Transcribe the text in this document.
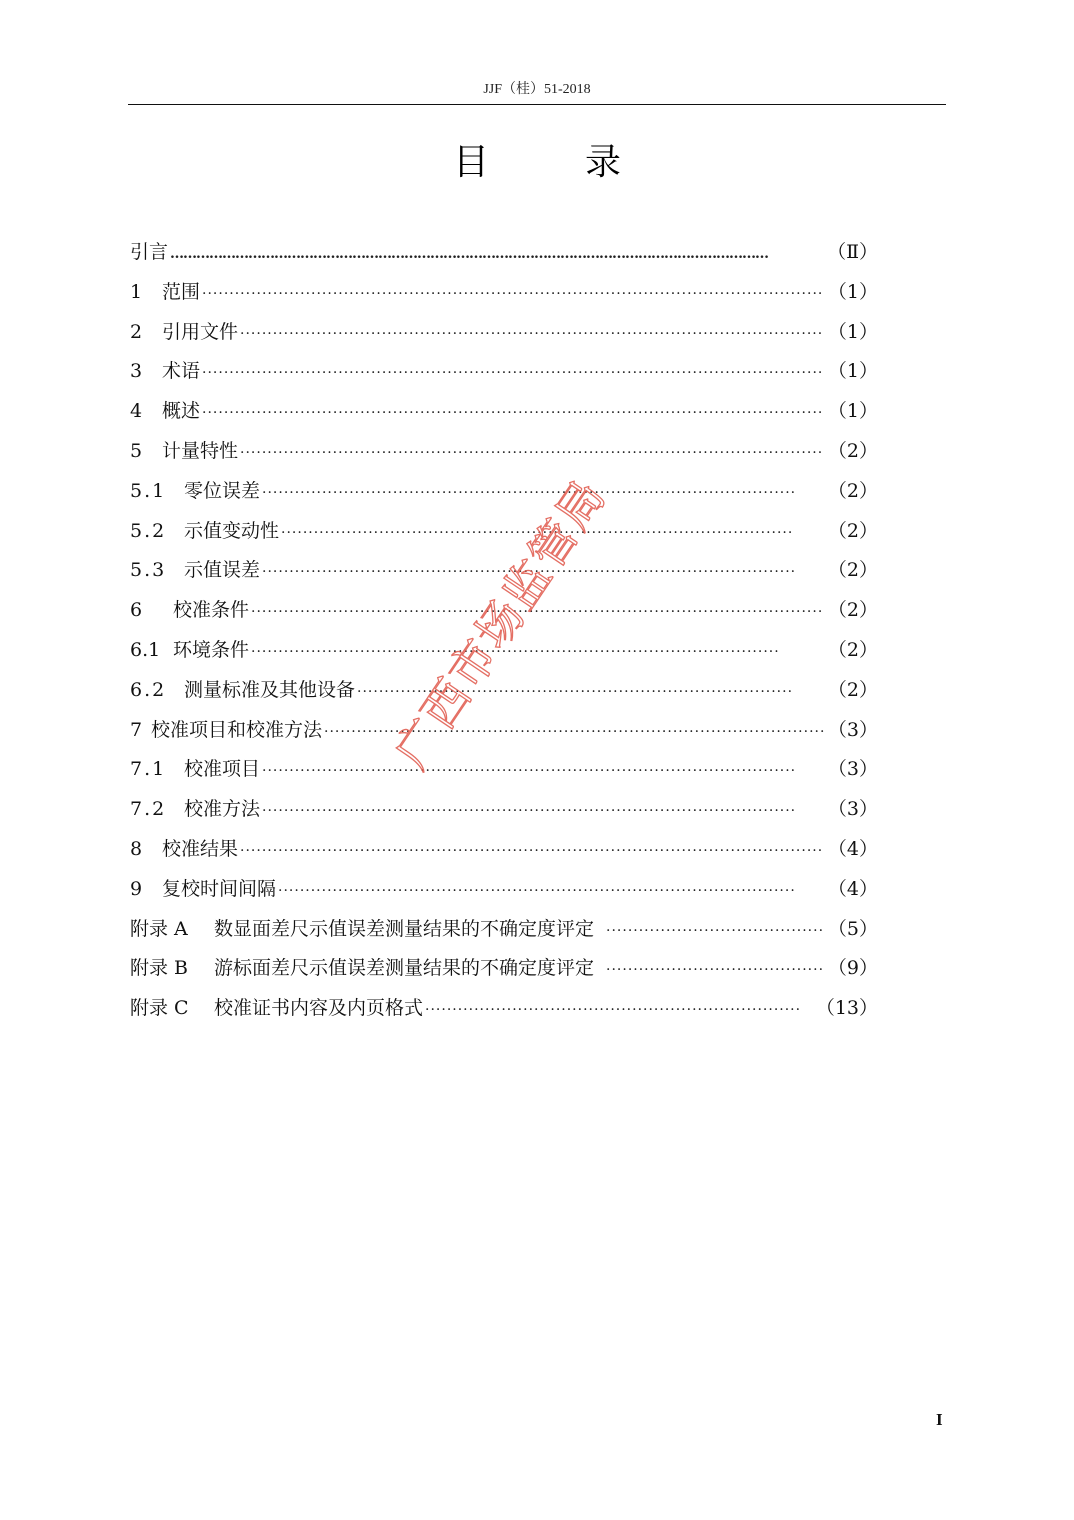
JJF（桂）51-2018
目录
引言 …………………………………………………………………………………………………………………………	（Ⅱ）
1	范围 ·····	（1）
2	引用文件 ·····	（1）
3	术语 ·····	（1）
4	概述 ·····	（1）
5	计量特性 ·····	（2）
5.1 零位误差 ·····	（2）
5.2 示值变动性 ·····	（2）
5.3 示值误差 ·····	（2）
6	校准条件 ·····	（2）
6.1 环境条件 ·····	（2）
6.2 测量标准及其他设备 ·····	（2）
7 校准项目和校准方法 ·····	（3）
7.1 校准项目 ·····	（3）
7.2 校准方法 ·····	（3）
8	校准结果 ·····	（4）
9	复校时间间隔 ·····	（4）
附录 A	数显面差尺示值误差测量结果的不确定度评定 ·····	（5）
附录 B	游标面差尺示值误差测量结果的不确定度评定 ·····	（9）
附录 C	校准证书内容及内页格式 ·····	（13）
广西市场监管局
I
